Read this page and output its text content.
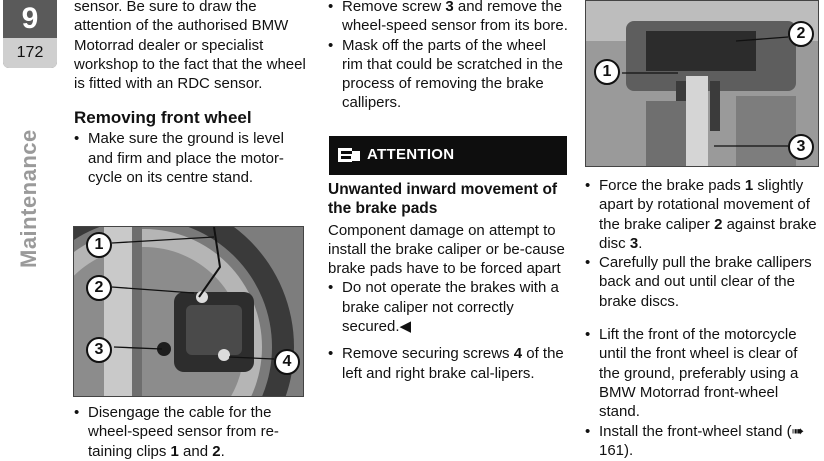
9
172
Maintenance

sensor. Be sure to draw the attention of the authorised BMW Motorrad dealer or specialist workshop to the fact that the wheel is fitted with an RDC sensor.

Removing front wheel

• Make sure the ground is level and firm and place the motor-cycle on its centre stand.

1
2
3
4

• Disengage the cable for the wheel-speed sensor from re-taining clips 1 and 2.

• Remove screw 3 and remove the wheel-speed sensor from its bore.

• Mask off the parts of the wheel rim that could be scratched in the process of removing the brake callipers.

ATTENTION

Unwanted inward movement of the brake pads

Component damage on attempt to install the brake caliper or be-cause brake pads have to be forced apart

• Do not operate the brakes with a brake caliper not correctly secured.◀

• Remove securing screws 4 of the left and right brake cal-lipers.

1
2
3

• Force the brake pads 1 slightly apart by rotational movement of the brake caliper 2 against brake disc 3.

• Carefully pull the brake callipers back and out until clear of the brake discs.

• Lift the front of the motorcycle until the front wheel is clear of the ground, preferably using a BMW Motorrad front-wheel stand.

• Install the front-wheel stand (➠ 161).
